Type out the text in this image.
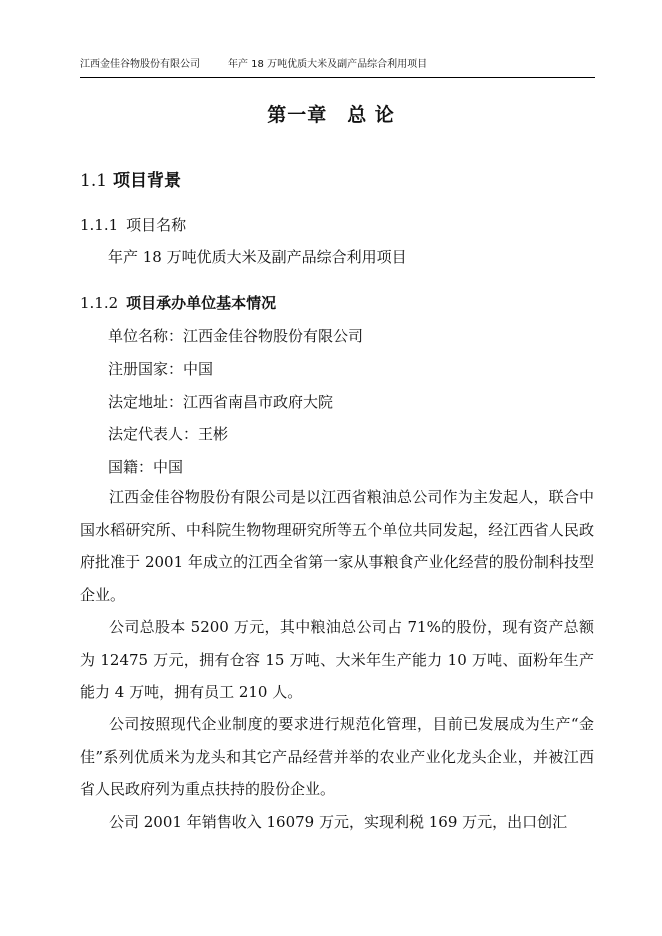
江西金佳谷物股份有限公司	年产 18 万吨优质大米及副产品综合利用项目
第一章　总 论
1.1 项目背景
1.1.1 项目名称
年产 18 万吨优质大米及副产品综合利用项目
1.1.2 项目承办单位基本情况
单位名称：江西金佳谷物股份有限公司
注册国家：中国
法定地址：江西省南昌市政府大院
法定代表人：王彬
国籍：中国

江西金佳谷物股份有限公司是以江西省粮油总公司作为主发起人，联合中国水稻研究所、中科院生物物理研究所等五个单位共同发起，经江西省人民政府批准于 2001 年成立的江西全省第一家从事粮食产业化经营的股份制科技型企业。

公司总股本 5200 万元，其中粮油总公司占 71%的股份，现有资产总额为 12475 万元，拥有仓容 15 万吨、大米年生产能力 10 万吨、面粉年生产能力 4 万吨，拥有员工 210 人。

公司按照现代企业制度的要求进行规范化管理，目前已发展成为生产“金佳”系列优质米为龙头和其它产品经营并举的农业产业化龙头企业，并被江西省人民政府列为重点扶持的股份企业。

公司 2001 年销售收入 16079 万元，实现利税 169 万元，出口创汇
